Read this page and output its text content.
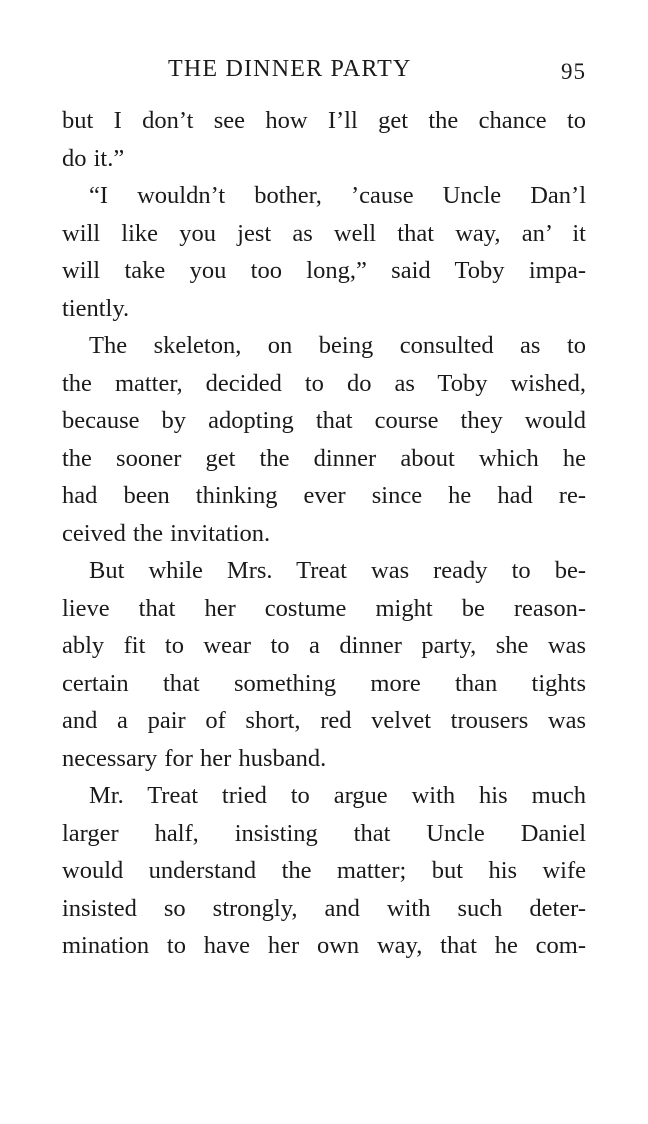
THE DINNER PARTY	95
but I don’t see how I’ll get the chance to
do it.”
“I wouldn’t bother, ’cause Uncle Dan’l
will like you jest as well that way, an’ it
will take you too long,” said Toby impa-
tiently.
The skeleton, on being consulted as to
the matter, decided to do as Toby wished,
because by adopting that course they would
the sooner get the dinner about which he
had been thinking ever since he had re-
ceived the invitation.
But while Mrs. Treat was ready to be-
lieve that her costume might be reason-
ably fit to wear to a dinner party, she was
certain that something more than tights
and a pair of short, red velvet trousers was
necessary for her husband.
Mr. Treat tried to argue with his much
larger half, insisting that Uncle Daniel
would understand the matter; but his wife
insisted so strongly, and with such deter-
mination to have her own way, that he com-
